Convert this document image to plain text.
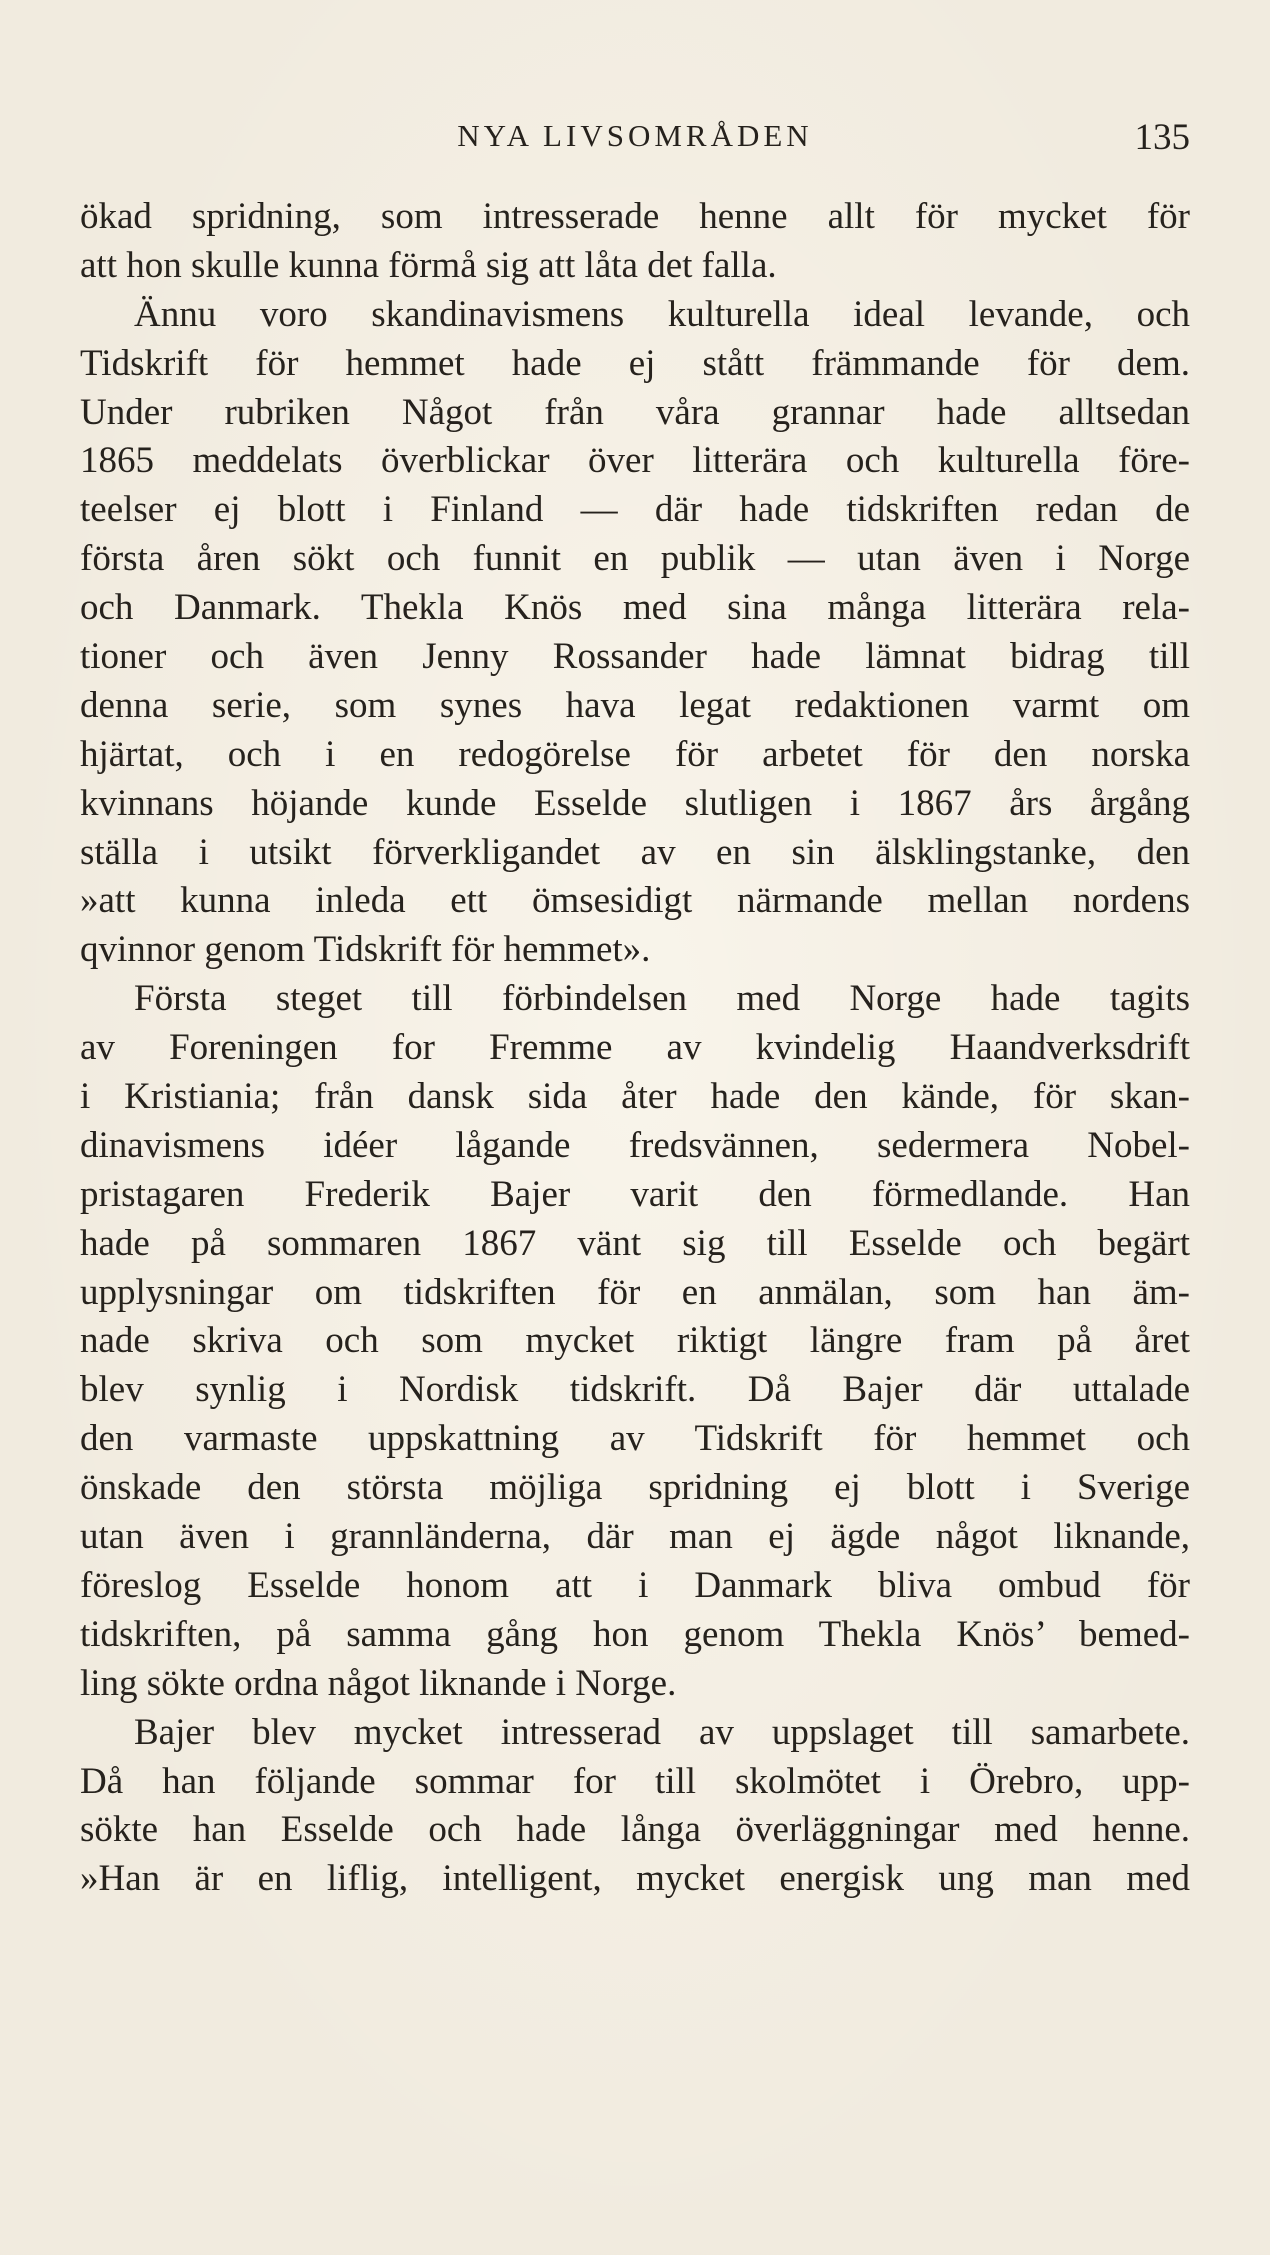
NYA LIVSOMRÅDEN	135
ökad spridning, som intresserade henne allt för mycket för
att hon skulle kunna förmå sig att låta det falla.
Ännu voro skandinavismens kulturella ideal levande, och
Tidskrift för hemmet hade ej stått främmande för dem.
Under rubriken Något från våra grannar hade alltsedan
1865 meddelats överblickar över litterära och kulturella före-
teelser ej blott i Finland — där hade tidskriften redan de
första åren sökt och funnit en publik — utan även i Norge
och Danmark. Thekla Knös med sina många litterära rela-
tioner och även Jenny Rossander hade lämnat bidrag till
denna serie, som synes hava legat redaktionen varmt om
hjärtat, och i en redogörelse för arbetet för den norska
kvinnans höjande kunde Esselde slutligen i 1867 års årgång
ställa i utsikt förverkligandet av en sin älsklingstanke, den
»att kunna inleda ett ömsesidigt närmande mellan nordens
qvinnor genom Tidskrift för hemmet».
Första steget till förbindelsen med Norge hade tagits
av Foreningen for Fremme av kvindelig Haandverksdrift
i Kristiania; från dansk sida åter hade den kände, för skan-
dinavismens idéer lågande fredsvännen, sedermera Nobel-
pristagaren Frederik Bajer varit den förmedlande. Han
hade på sommaren 1867 vänt sig till Esselde och begärt
upplysningar om tidskriften för en anmälan, som han äm-
nade skriva och som mycket riktigt längre fram på året
blev synlig i Nordisk tidskrift. Då Bajer där uttalade
den varmaste uppskattning av Tidskrift för hemmet och
önskade den största möjliga spridning ej blott i Sverige
utan även i grannländerna, där man ej ägde något liknande,
föreslog Esselde honom att i Danmark bliva ombud för
tidskriften, på samma gång hon genom Thekla Knös’ bemed-
ling sökte ordna något liknande i Norge.
Bajer blev mycket intresserad av uppslaget till samarbete.
Då han följande sommar for till skolmötet i Örebro, upp-
sökte han Esselde och hade långa överläggningar med henne.
»Han är en liflig, intelligent, mycket energisk ung man med
